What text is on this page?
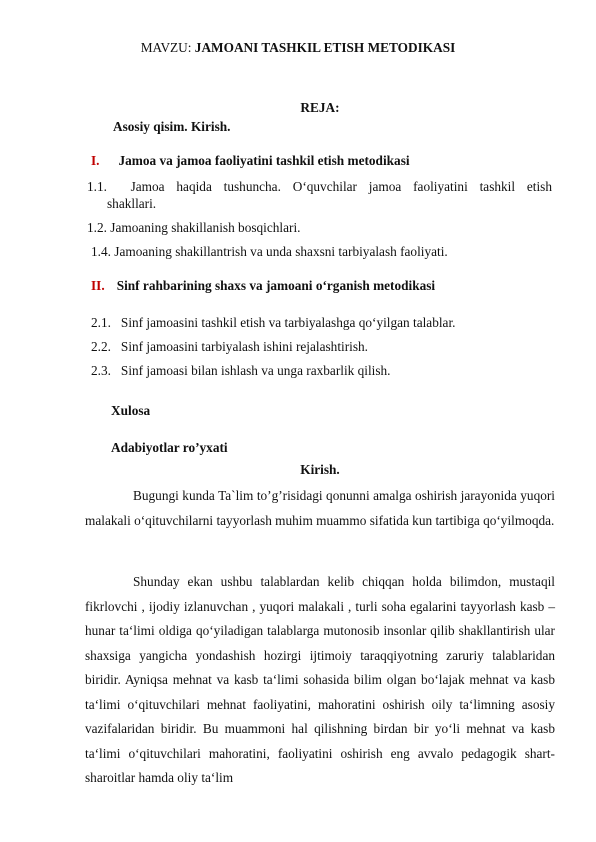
MAVZU: JAMOANI TASHKIL ETISH METODIKASI
REJA:
Asosiy qisim. Kirish.
I. Jamoa va jamoa faoliyatini tashkil etish metodikasi
1.1.    Jamoa  haqida  tushuncha.  O‘quvchilar  jamoa  faoliyatini  tashkil  etish
shakllari.
1.2. Jamoaning shakillanish bosqichlari.
1.4. Jamoaning shakillantrish va unda shaxsni tarbiyalash faoliyati.
II. Sinf rahbarining shaxs va jamoani o‘rganish metodikasi
2.1.   Sinf jamoasini tashkil etish va tarbiyalashga qo‘yilgan talablar.
2.2.   Sinf jamoasini tarbiyalash ishini rejalashtirish.
2.3.   Sinf jamoasi bilan ishlash va unga raxbarlik qilish.
Xulosa
Adabiyotlar ro’yxati
Kirish.
Bugungi kunda Ta`lim to’g’risidagi qonunni amalga oshirish jarayonida yuqori malakali o‘qituvchilarni tayyorlash muhim muammo sifatida kun tartibiga qo‘yilmoqda.
Shunday ekan ushbu talablardan kelib chiqqan holda bilimdon, mustaqil fikrlovchi , ijodiy izlanuvchan , yuqori malakali , turli soha egalarini tayyorlash kasb – hunar ta‘limi oldiga qo‘yiladigan talablarga mutonosib insonlar qilib shakllantirish ular shaxsiga yangicha yondashish hozirgi ijtimoiy taraqqiyotning zaruriy talablaridan biridir. Ayniqsa mehnat va kasb ta‘limi sohasida bilim olgan bo‘lajak mehnat va kasb ta‘limi o‘qituvchilari mehnat faoliyatini, mahoratini oshirish oily ta‘limning asosiy vazifalaridan biridir. Bu muammoni hal qilishning birdan bir yo‘li mehnat va kasb ta‘limi o‘qituvchilari mahoratini, faoliyatini oshirish eng avvalo pedagogik shart- sharoitlar hamda oliy ta‘lim
